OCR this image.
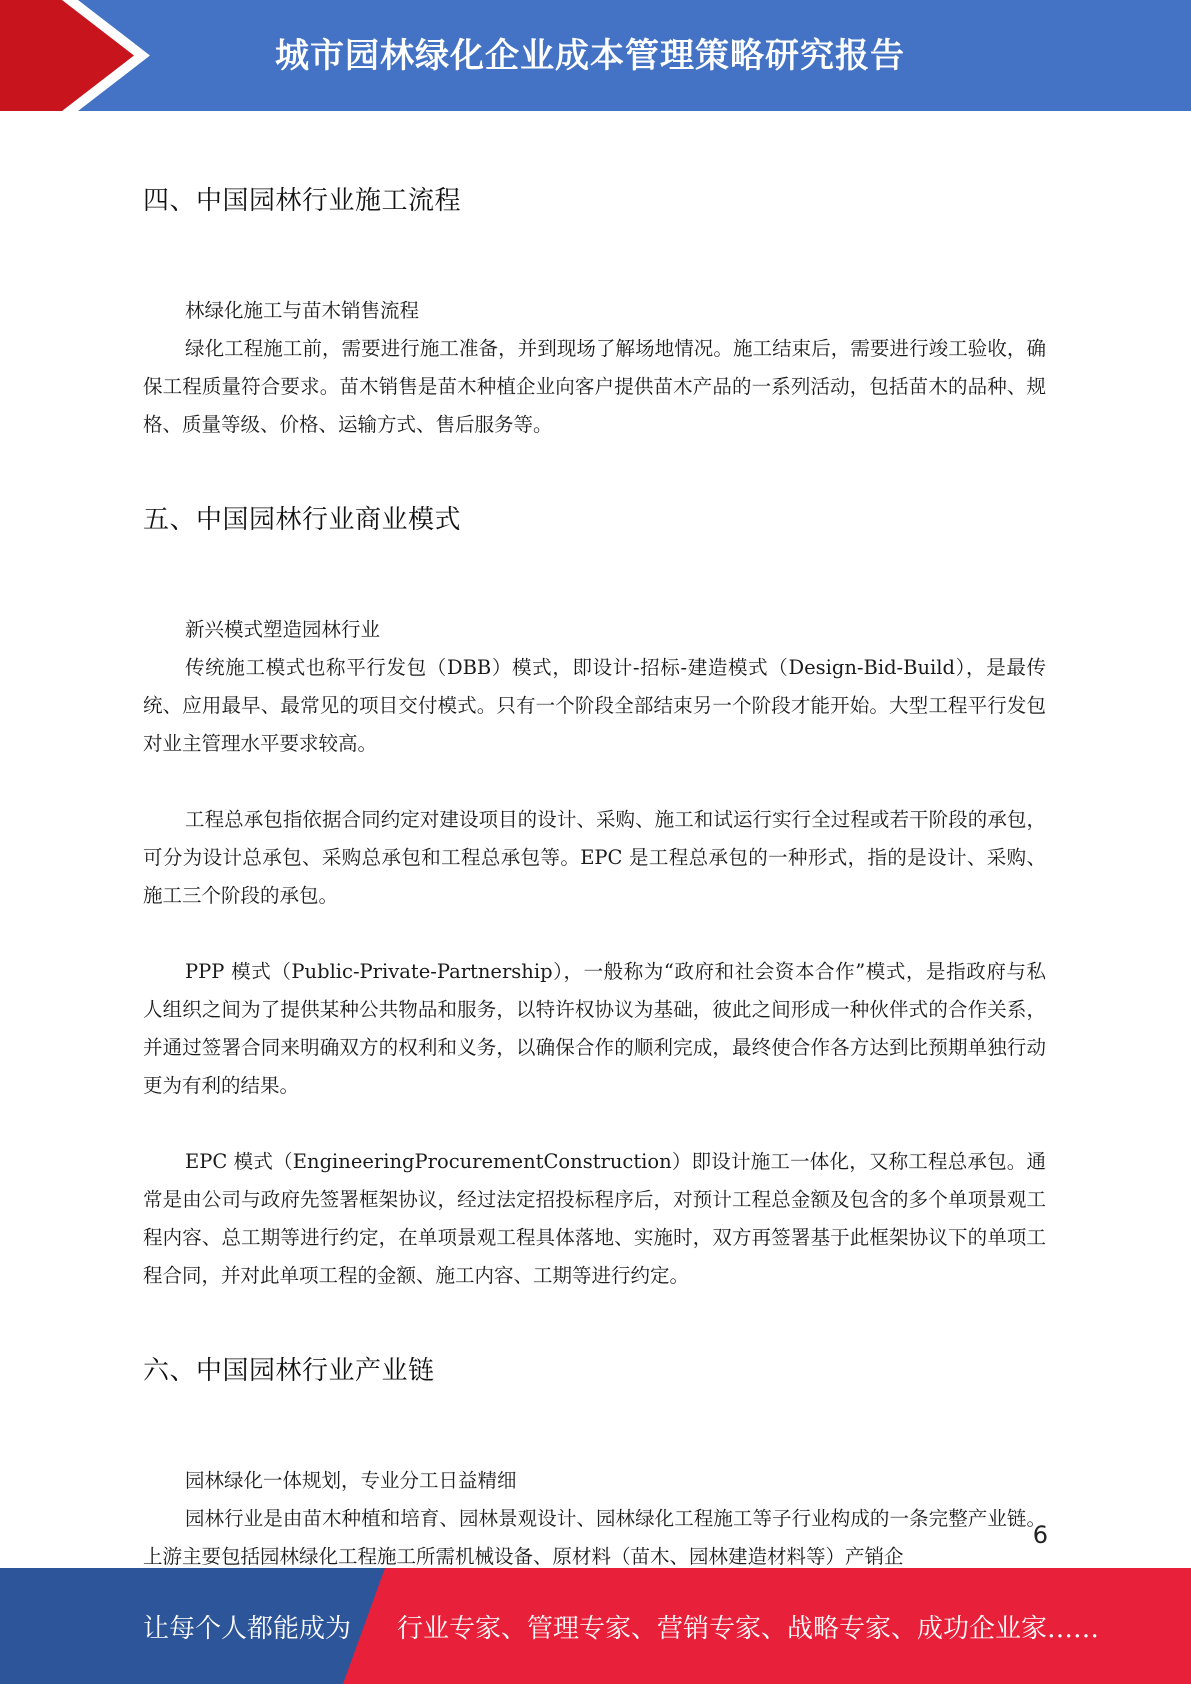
城市园林绿化企业成本管理策略研究报告
四、中国园林行业施工流程

林绿化施工与苗木销售流程

绿化工程施工前，需要进行施工准备，并到现场了解场地情况。施工结束后，需要进行竣工验收，确保工程质量符合要求。苗木销售是苗木种植企业向客户提供苗木产品的一系列活动，包括苗木的品种、规格、质量等级、价格、运输方式、售后服务等。

五、中国园林行业商业模式

新兴模式塑造园林行业

传统施工模式也称平行发包（DBB）模式，即设计-招标-建造模式（Design-Bid-Build），是最传统、应用最早、最常见的项目交付模式。只有一个阶段全部结束另一个阶段才能开始。大型工程平行发包对业主管理水平要求较高。

工程总承包指依据合同约定对建设项目的设计、采购、施工和试运行实行全过程或若干阶段的承包，可分为设计总承包、采购总承包和工程总承包等。EPC 是工程总承包的一种形式，指的是设计、采购、施工三个阶段的承包。

PPP 模式（Public-Private-Partnership），一般称为“政府和社会资本合作”模式，是指政府与私人组织之间为了提供某种公共物品和服务，以特许权协议为基础，彼此之间形成一种伙伴式的合作关系，并通过签署合同来明确双方的权利和义务，以确保合作的顺利完成，最终使合作各方达到比预期单独行动更为有利的结果。

EPC 模式（EngineeringProcurementConstruction）即设计施工一体化，又称工程总承包。通常是由公司与政府先签署框架协议，经过法定招投标程序后，对预计工程总金额及包含的多个单项景观工程内容、总工期等进行约定，在单项景观工程具体落地、实施时，双方再签署基于此框架协议下的单项工程合同，并对此单项工程的金额、施工内容、工期等进行约定。

六、中国园林行业产业链

园林绿化一体规划，专业分工日益精细

园林行业是由苗木种植和培育、园林景观设计、园林绿化工程施工等子行业构成的一条完整产业链。上游主要包括园林绿化工程施工所需机械设备、原材料（苗木、园林建造材料等）产销企

6
让每个人都能成为 行业专家、管理专家、营销专家、战略专家、成功企业家……
